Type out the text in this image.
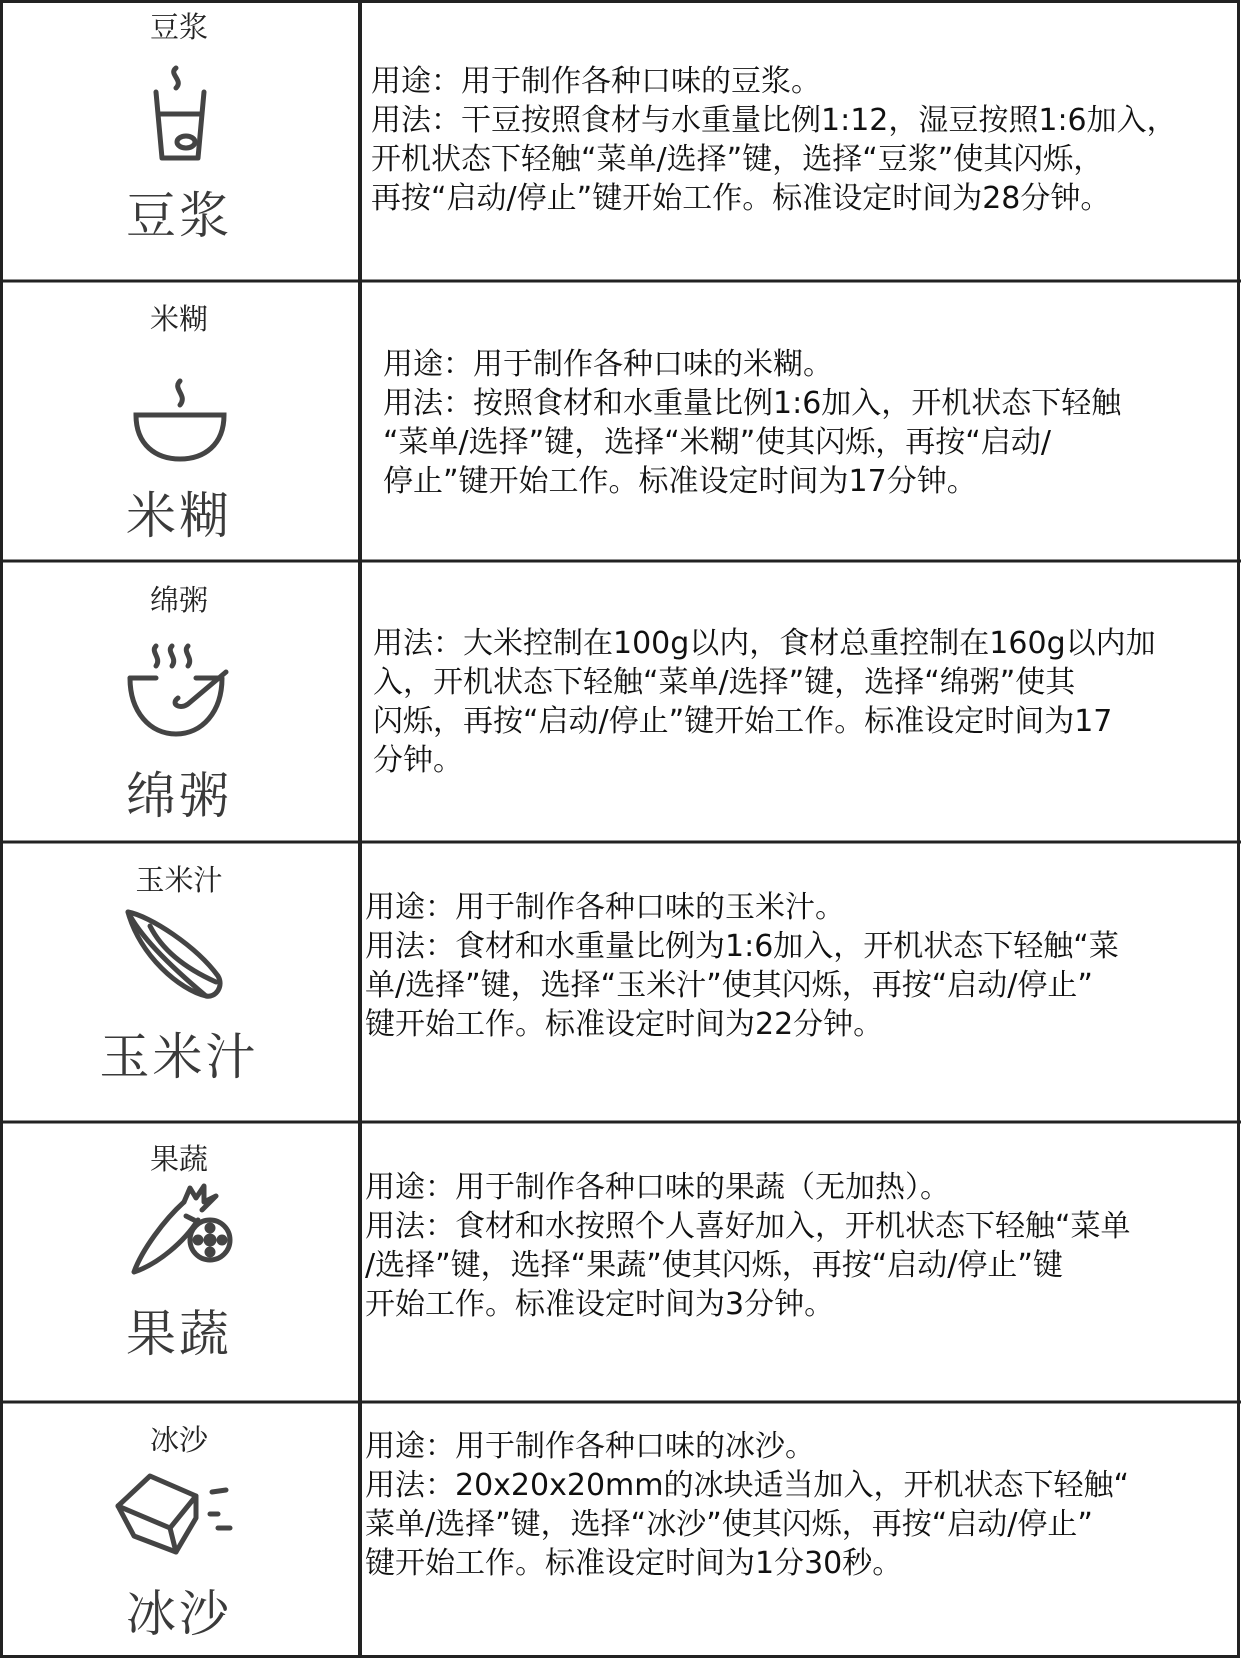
豆浆
豆浆
用途：用于制作各种口味的豆浆。
用法：干豆按照食材与水重量比例1:12，湿豆按照1:6加入，
开机状态下轻触“菜单/选择”键，选择“豆浆”使其闪烁，
再按“启动/停止”键开始工作。标准设定时间为28分钟。
米糊
米糊
用途：用于制作各种口味的米糊。
用法：按照食材和水重量比例1:6加入，开机状态下轻触
“菜单/选择”键，选择“米糊”使其闪烁，再按“启动/
停止”键开始工作。标准设定时间为17分钟。
绵粥
绵粥
用法：大米控制在100g以内，食材总重控制在160g以内加
入，开机状态下轻触“菜单/选择”键，选择“绵粥”使其
闪烁，再按“启动/停止”键开始工作。标准设定时间为17
分钟。
玉米汁
玉米汁
用途：用于制作各种口味的玉米汁。
用法：食材和水重量比例为1:6加入，开机状态下轻触“菜
单/选择”键，选择“玉米汁”使其闪烁，再按“启动/停止”
键开始工作。标准设定时间为22分钟。
果蔬
果蔬
用途：用于制作各种口味的果蔬（无加热）。
用法：食材和水按照个人喜好加入，开机状态下轻触“菜单
/选择”键，选择“果蔬”使其闪烁，再按“启动/停止”键
开始工作。标准设定时间为3分钟。
冰沙
冰沙
用途：用于制作各种口味的冰沙。
用法：20x20x20mm的冰块适当加入，开机状态下轻触“
菜单/选择”键，选择“冰沙”使其闪烁，再按“启动/停止”
键开始工作。标准设定时间为1分30秒。
